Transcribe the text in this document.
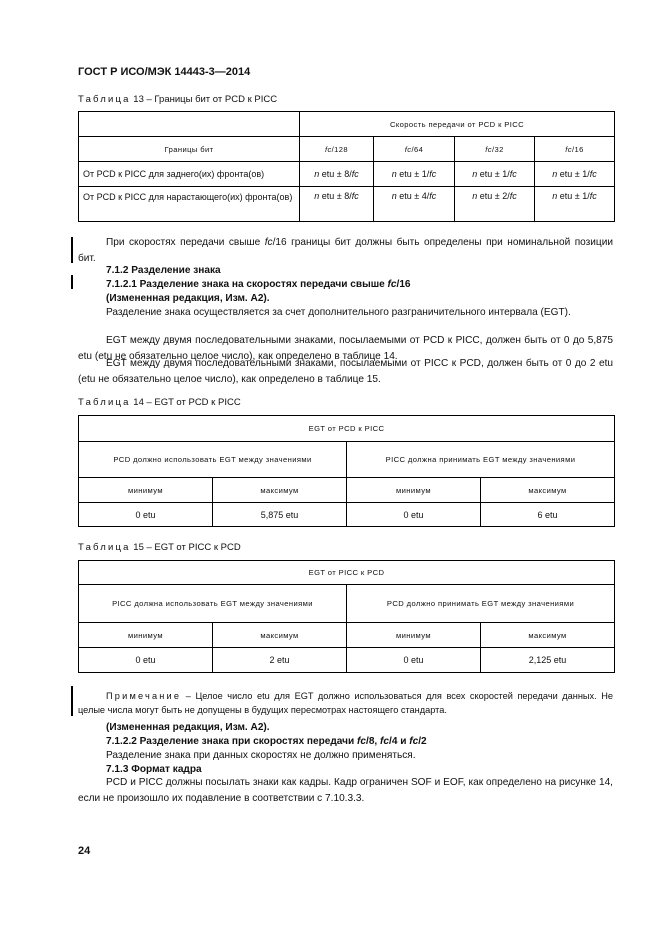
ГОСТ Р ИСО/МЭК 14443-3—2014
Таблица 13 – Границы бит от PCD к PICC
	Скорость передачи от PCD к PICC			
Границы бит	fc/128	fc/64	fc/32	fc/16
От PCD к PICC для заднего(их) фронта(ов)	n etu ± 8/fc	n etu ± 1/fc	n etu ± 1/fc	n etu ± 1/fc
От PCD к PICC для нарастающего(их) фронта(ов)	n etu ± 8/fc	n etu ± 4/fc	n etu ± 2/fc	n etu ± 1/fc
При скоростях передачи свыше fc/16 границы бит должны быть определены при номинальной позиции бит.
7.1.2 Разделение знака
7.1.2.1 Разделение знака на скоростях передачи свыше fc/16
(Измененная редакция, Изм. A2).
Разделение знака осуществляется за счет дополнительного разграничительного интервала (EGT).
EGT между двумя последовательными знаками, посылаемыми от PCD к PICC, должен быть от 0 до 5,875 etu (etu не обязательно целое число), как определено в таблице 14.
EGT между двумя последовательными знаками, посылаемыми от PICC к PCD, должен быть от 0 до 2 etu (etu не обязательно целое число), как определено в таблице 15.
Таблица 14 – EGT от PCD к PICC
EGT от PCD к PICC			
PCD должно использовать EGT между значениями		PICC должна принимать EGT между значениями	
минимум	максимум	минимум	максимум
0 etu	5,875 etu	0 etu	6 etu
Таблица 15 – EGT от PICC к PCD
EGT от PICC к PCD			
PICC должна использовать EGT между значениями		PCD должно принимать EGT между значениями	
минимум	максимум	минимум	максимум
0 etu	2 etu	0 etu	2,125 etu
Примечание – Целое число etu для EGT должно использоваться для всех скоростей передачи данных. Не целые числа могут быть не допущены в будущих пересмотрах настоящего стандарта.
(Измененная редакция, Изм. A2).
7.1.2.2 Разделение знака при скоростях передачи fc/8, fc/4 и fc/2
Разделение знака при данных скоростях не должно применяться.
7.1.3 Формат кадра
PCD и PICC должны посылать знаки как кадры. Кадр ограничен SOF и EOF, как определено на рисунке 14, если не произошло их подавление в соответствии с 7.10.3.3.
24
